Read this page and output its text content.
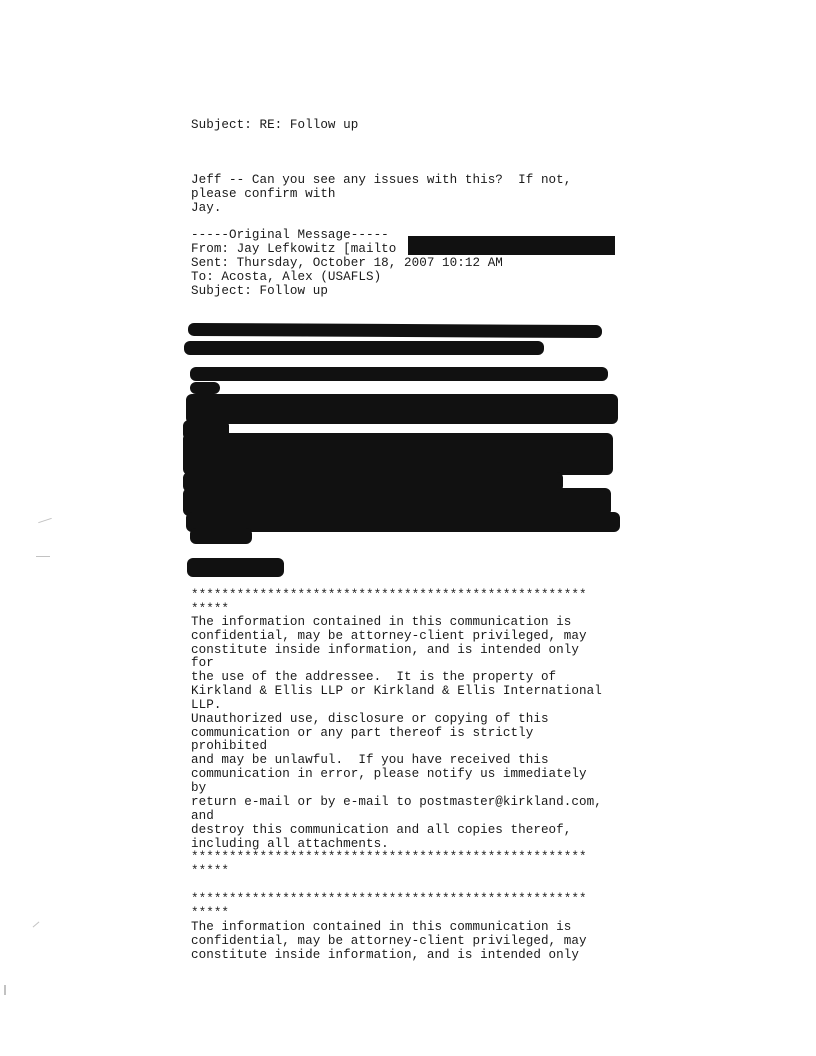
Subject: RE: Follow up
Jeff -- Can you see any issues with this?  If not,
please confirm with
Jay.
-----Original Message-----
From: Jay Lefkowitz [mailto
Sent: Thursday, October 18, 2007 10:12 AM
To: Acosta, Alex (USAFLS)
Subject: Follow up
****************************************************
*****
The information contained in this communication is
confidential, may be attorney-client privileged, may
constitute inside information, and is intended only
for
the use of the addressee.  It is the property of
Kirkland & Ellis LLP or Kirkland & Ellis International
LLP.
Unauthorized use, disclosure or copying of this
communication or any part thereof is strictly
prohibited
and may be unlawful.  If you have received this
communication in error, please notify us immediately
by
return e-mail or by e-mail to postmaster@kirkland.com,
and
destroy this communication and all copies thereof,
including all attachments.
****************************************************
*****
****************************************************
*****
The information contained in this communication is
confidential, may be attorney-client privileged, may
constitute inside information, and is intended only
